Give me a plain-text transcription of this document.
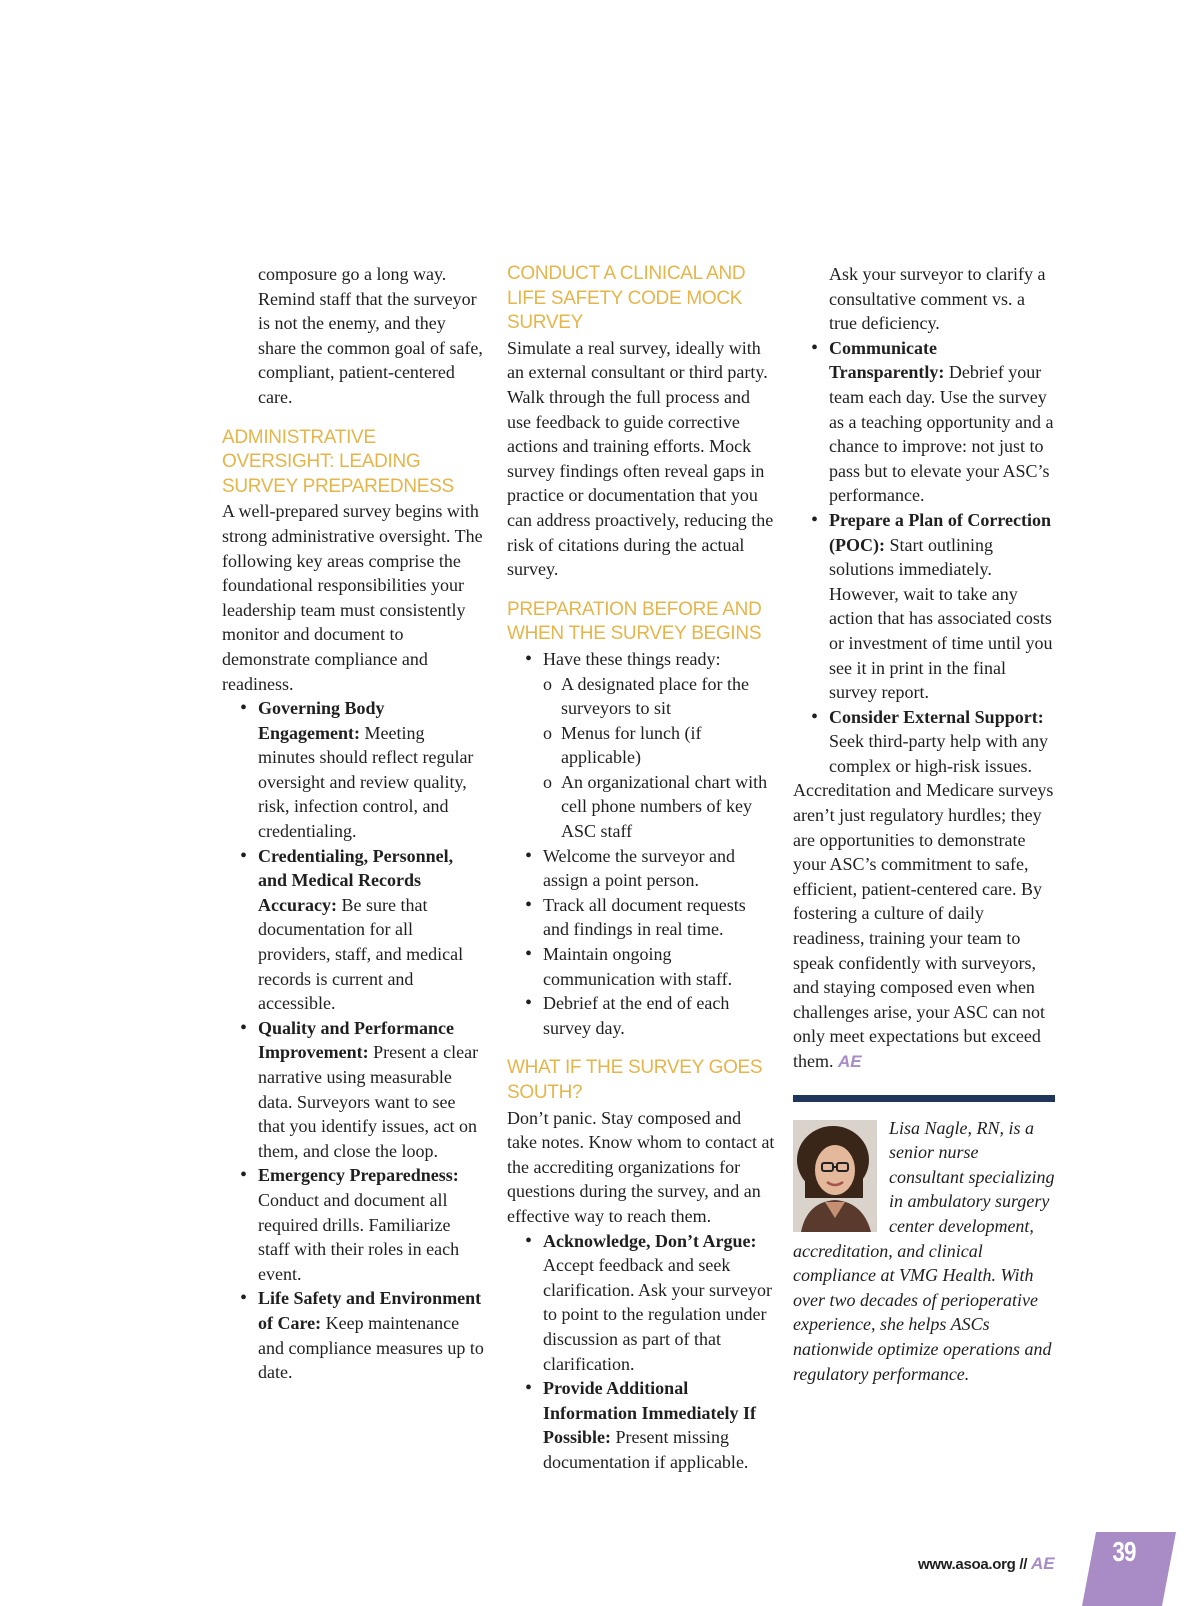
composure go a long way. Remind staff that the surveyor is not the enemy, and they share the common goal of safe, compliant, patient-centered care.

ADMINISTRATIVE OVERSIGHT: LEADING SURVEY PREPAREDNESS

A well-prepared survey begins with strong administrative oversight. The following key areas comprise the foundational responsibilities your leadership team must consistently monitor and document to demonstrate compliance and readiness.

• Governing Body Engagement: Meeting minutes should reflect regular oversight and review quality, risk, infection control, and credentialing.
• Credentialing, Personnel, and Medical Records Accuracy: Be sure that documentation for all providers, staff, and medical records is current and accessible.
• Quality and Performance Improvement: Present a clear narrative using measurable data. Surveyors want to see that you identify issues, act on them, and close the loop.
• Emergency Preparedness: Conduct and document all required drills. Familiarize staff with their roles in each event.
• Life Safety and Environment of Care: Keep maintenance and compliance measures up to date.
CONDUCT A CLINICAL AND LIFE SAFETY CODE MOCK SURVEY

Simulate a real survey, ideally with an external consultant or third party. Walk through the full process and use feedback to guide corrective actions and training efforts. Mock survey findings often reveal gaps in practice or documentation that you can address proactively, reducing the risk of citations during the actual survey.

PREPARATION BEFORE AND WHEN THE SURVEY BEGINS
• Have these things ready:
o A designated place for the surveyors to sit
o Menus for lunch (if applicable)
o An organizational chart with cell phone numbers of key ASC staff
• Welcome the surveyor and assign a point person.
• Track all document requests and findings in real time.
• Maintain ongoing communication with staff.
• Debrief at the end of each survey day.
WHAT IF THE SURVEY GOES SOUTH?

Don’t panic. Stay composed and take notes. Know whom to contact at the accrediting organizations for questions during the survey, and an effective way to reach them.

• Acknowledge, Don’t Argue: Accept feedback and seek clarification. Ask your surveyor to point to the regulation under discussion as part of that clarification.
• Provide Additional Information Immediately If Possible: Present missing documentation if applicable.

Ask your surveyor to clarify a consultative comment vs. a true deficiency.

• Communicate Transparently: Debrief your team each day. Use the survey as a teaching opportunity and a chance to improve: not just to pass but to elevate your ASC’s performance.
• Prepare a Plan of Correction (POC): Start outlining solutions immediately. However, wait to take any action that has associated costs or investment of time until you see it in print in the final survey report.
• Consider External Support: Seek third-party help with any complex or high-risk issues.

Accreditation and Medicare surveys aren’t just regulatory hurdles; they are opportunities to demonstrate your ASC’s commitment to safe, efficient, patient-centered care. By fostering a culture of daily readiness, training your team to speak confidently with surveyors, and staying composed even when challenges arise, your ASC can not only meet expectations but exceed them. AE

Lisa Nagle, RN, is a senior nurse consultant specializing in ambulatory surgery center development, accreditation, and clinical compliance at VMG Health. With over two decades of perioperative experience, she helps ASCs nationwide optimize operations and regulatory performance.
www.asoa.org // AE 39
